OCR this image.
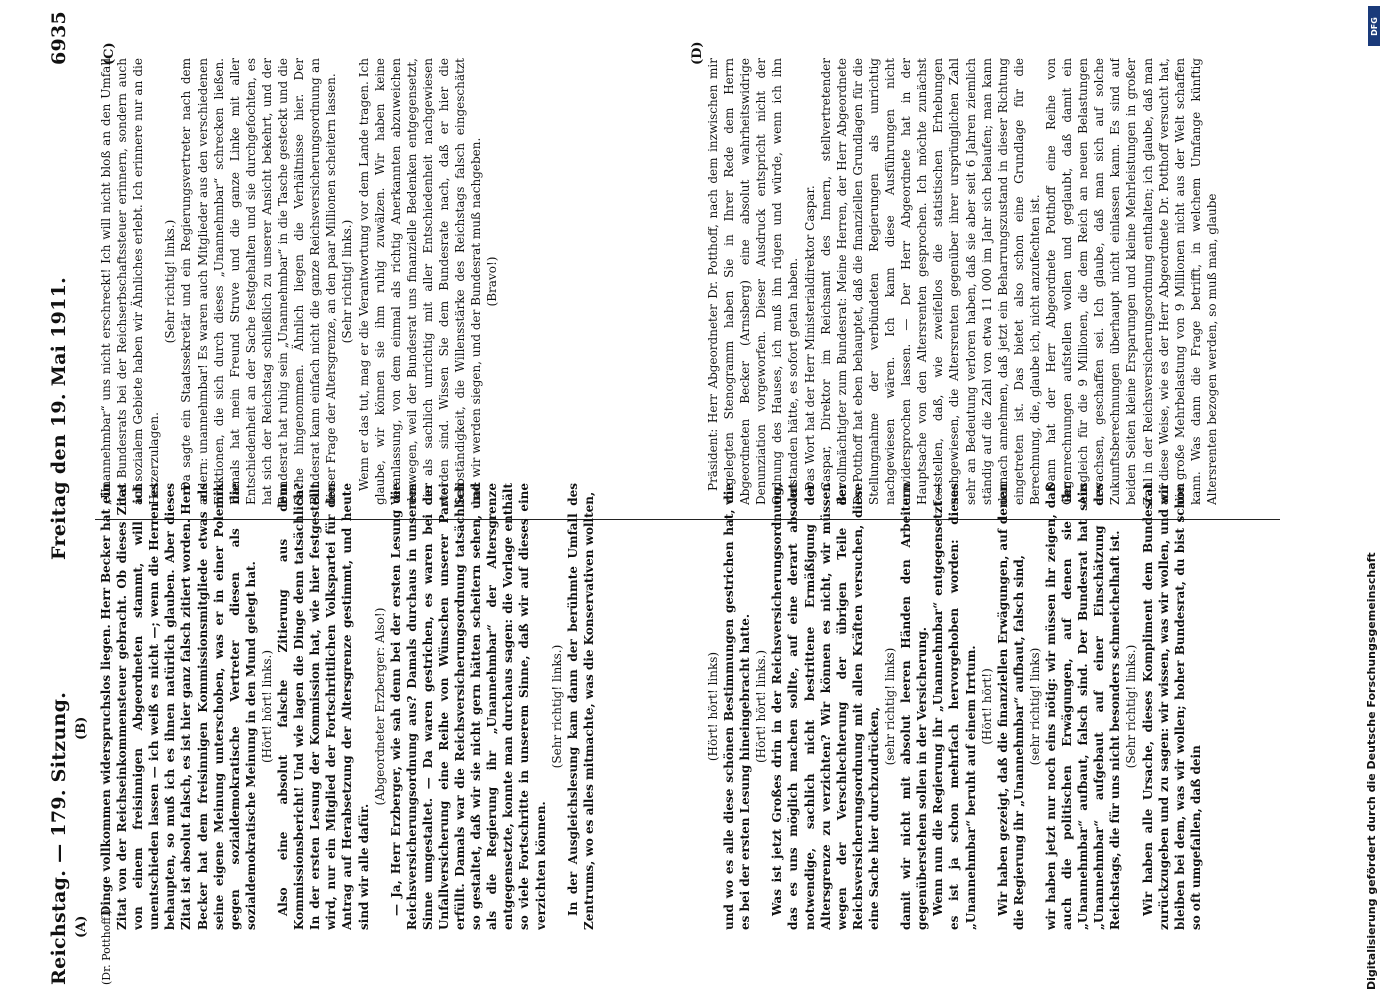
Reichstag. — 179. Sitzung.
Freitag den 19. Mai 1911.
6935
(A)
(B)
(C)	(D)
(Dr. Potthoff.)

Dinge vollkommen widerspruchslos liegen. Herr Becker hat ein Zitat von der Reichseinkommensteuer gebracht. Ob dieses Zitat von einem freisinnigen Abgeordneten stammt, will ich unentschieden lassen — ich weiß es nicht —; wenn die Herren es behaupten, so muß ich es ihnen natürlich glauben. Aber dieses Zitat ist absolut falsch, es ist hier ganz falsch zitiert worden. Herr Becker hat dem freisinnigen Kommissionsmitgliede etwas als seine eigene Meinung unterschoben, was er in einer Polemik gegen sozialdemokratische Vertreter diesen als die sozialdemokratische Meinung in den Mund gelegt hat. (Hört! hört! links.) Also eine absolut falsche Zitierung aus dem Kommissionsbericht! Und wie lagen die Dinge denn tatsächlich? In der ersten Lesung der Kommission hat, wie hier festgestellt wird, nur ein Mitglied der Fortschrittlichen Volkspartei für den Antrag auf Herabsetzung der Altersgrenze gestimmt, und heute sind wir alle dafür.

(Abgeordneter Erzberger: Also!) — Ja, Herr Erzberger, wie sah denn bei der ersten Lesung die Reichsversicherungsordnung aus? Damals durchaus in unserem Sinne umgestaltet. — Da waren gestrichen, es waren bei der Unfallversicherung eine Reihe von Wünschen unserer Partei erfüllt. Damals war die Reichsversicherungsordnung tatsächlich so gestaltet, daß wir sie nicht gern hätten scheitern sehen, und als die Regierung ihr „Unannehmbar“ der Altersgrenze entgegensetzte, konnte man durchaus sagen: die Vorlage enthält so viele Fortschritte in unserem Sinne, daß wir auf dieses eine verzichten können.

(Sehr richtig! links.) In der Ausgleichslesung kam dann der berühmte Umfall des Zentrums, wo es alles mitmachte, was die Konservativen wollten,	(Hört! hört! links) und wo es alle diese schönen Bestimmungen gestrichen hat, die es bei der ersten Lesung hineingebracht hatte. (Hört! hört! links.) Was ist jetzt Großes drin in der Reichsversicherungsordnung, das es uns möglich machen sollte, auf eine derart absolut notwendige, sachlich nicht bestrittene Ermäßigung der Altersgrenze zu verzichten? Wir können es nicht, wir müssen wegen der Verschlechterung der übrigen Teile der Reichsversicherungsordnung mit allen Kräften versuchen, diese eine Sache hier durchzudrücken,

(sehr richtig! links) damit wir nicht mit absolut leeren Händen den Arbeitern gegenüberstehen sollen in der Versicherung. Wenn nun die Regierung ihr „Unannehmbar“ entgegensetzt — es ist ja schon mehrfach hervorgehoben worden: dieses „Unannehmbar“ beruht auf einem Irrtum. (Hört! hört!) Wir haben gezeigt, daß die finanziellen Erwägungen, auf denen die Regierung ihr „Unannehmbar“ aufbaut, falsch sind, (sehr richtig! links) wir haben jetzt nur noch eins nötig: wir müssen ihr zeigen, daß auch die politischen Erwägungen, auf denen sie ihr „Unannehmbar“ aufbaut, falsch sind. Der Bundesrat hat sein „Unannehmbar“ aufgebaut auf einer Einschätzung des Reichstags, die für uns nicht besonders schmeichelhaft ist. (Sehr richtig! links.) Wir haben alle Ursache, dieses Kompliment dem Bundesrat zurückzugeben und zu sagen: wir wissen, was wir wollen, und wir bleiben bei dem, was wir wollen; hoher Bundesrat, du bist schon so oft umgefallen, daß dein

„Unannehmbar“ uns nicht erschreckt! Ich will nicht bloß an den Umfall des Bundesrats bei der Reichserbschaftssteuer erinnern, sondern auch auf sozialem Gebiete haben wir Ähnliches erlebt. Ich erinnere nur an die Hetzerzulagen.

(Sehr richtig! links.) Da sagte ein Staatssekretär und ein Regierungsvertreter nach dem andern: unannehmbar! Es waren auch Mitglieder aus den verschiedenen Fraktionen, die sich durch dieses „Unannehmbar“ schrecken ließen. Damals hat mein Freund Struve und die ganze Linke mit aller Entschiedenheit an der Sache festgehalten und sie durchgefochten, es hat sich der Reichstag schließlich zu unserer Ansicht bekehrt, und der Bundesrat hat ruhig sein „Unannehmbar“ in die Tasche gesteckt und die Sache hingenommen. Ähnlich liegen die Verhältnisse hier. Der Bundesrat kann einfach nicht die ganze Reichsversicherungsordnung an dieser Frage der Altersgrenze, an den paar Millionen scheitern lassen. (Sehr richtig! links.) Wenn er das tut, mag er die Verantwortung vor dem Lande tragen. Ich glaube, wir können sie ihm ruhig zuwälzen. Wir haben keine Veranlassung, von dem einmal als richtig Anerkannten abzuweichen deswegen, weil der Bundesrat uns finanzielle Bedenken entgegensetzt, die als sachlich unrichtig mit aller Entschiedenheit nachgewiesen worden sind. Wissen Sie dem Bundesrate nach, daß er hier die Selbständigkeit, die Willensstärke des Reichstags falsch eingeschätzt hat: wir werden siegen, und der Bundesrat muß nachgeben. (Bravo!)	Präsident: Herr Abgeordneter Dr. Potthoff, nach dem inzwischen mir vorgelegten Stenogramm haben Sie in Ihrer Rede dem Herrn Abgeordneten Becker (Arnsberg) eine absolut wahrheitswidrige Denunziation vorgeworfen. Dieser Ausdruck entspricht nicht der Ordnung des Hauses, ich muß ihn rügen und würde, wenn ich ihn verstanden hätte, es sofort getan haben. Das Wort hat der Herr Ministerialdirektor Caspar. Caspar, Direktor im Reichsamt des Innern, stellvertretender Bevollmächtigter zum Bundesrat: Meine Herren, der Herr Abgeordnete Dr. Potthoff hat eben behauptet, daß die finanziellen Grundlagen für die Stellungnahme der verbündeten Regierungen als unrichtig nachgewiesen wären. Ich kann diese Ausführungen nicht unwidersprochen lassen. — Der Herr Abgeordnete hat in der Hauptsache von den Altersrenten gesprochen. Ich möchte zunächst feststellen, daß, wie zweifellos die statistischen Erhebungen nachgewiesen, die Altersrenten gegenüber ihrer ursprünglichen Zahl sehr an Bedeutung verloren haben, daß sie aber seit 6 Jahren ziemlich ständig auf die Zahl von etwa 11 000 im Jahr sich belaufen; man kann darnach annehmen, daß jetzt ein Beharrungszustand in dieser Richtung eingetreten ist. Das bietet also schon eine Grundlage für die Berechnung, die, glaube ich, nicht anzufechten ist. Dann hat der Herr Abgeordnete Potthoff eine Reihe von Gegenrechnungen aufstellen wollen und geglaubt, daß damit ein Ausgleich für die 9 Millionen, die dem Reich an neuen Belastungen erwachsen, geschaffen sei. Ich glaube, daß man sich auf solche Zukunftsberechnungen überhaupt nicht einlassen kann. Es sind auf beiden Seiten kleine Ersparungen und kleine Mehrleistungen in großer Zahl in der Reichsversicherungsordnung enthalten; ich glaube, daß man auf diese Weise, wie es der Herr Abgeordnete Dr. Potthoff versucht hat, die große Mehrbelastung von 9 Millionen nicht aus der Welt schaffen kann. Was dann die Frage betrifft, in welchem Umfange künftig Altersrenten bezogen werden, so muß man, glaube

Digitalisierung gefördert durch die Deutsche Forschungsgemeinschaft
DFG
